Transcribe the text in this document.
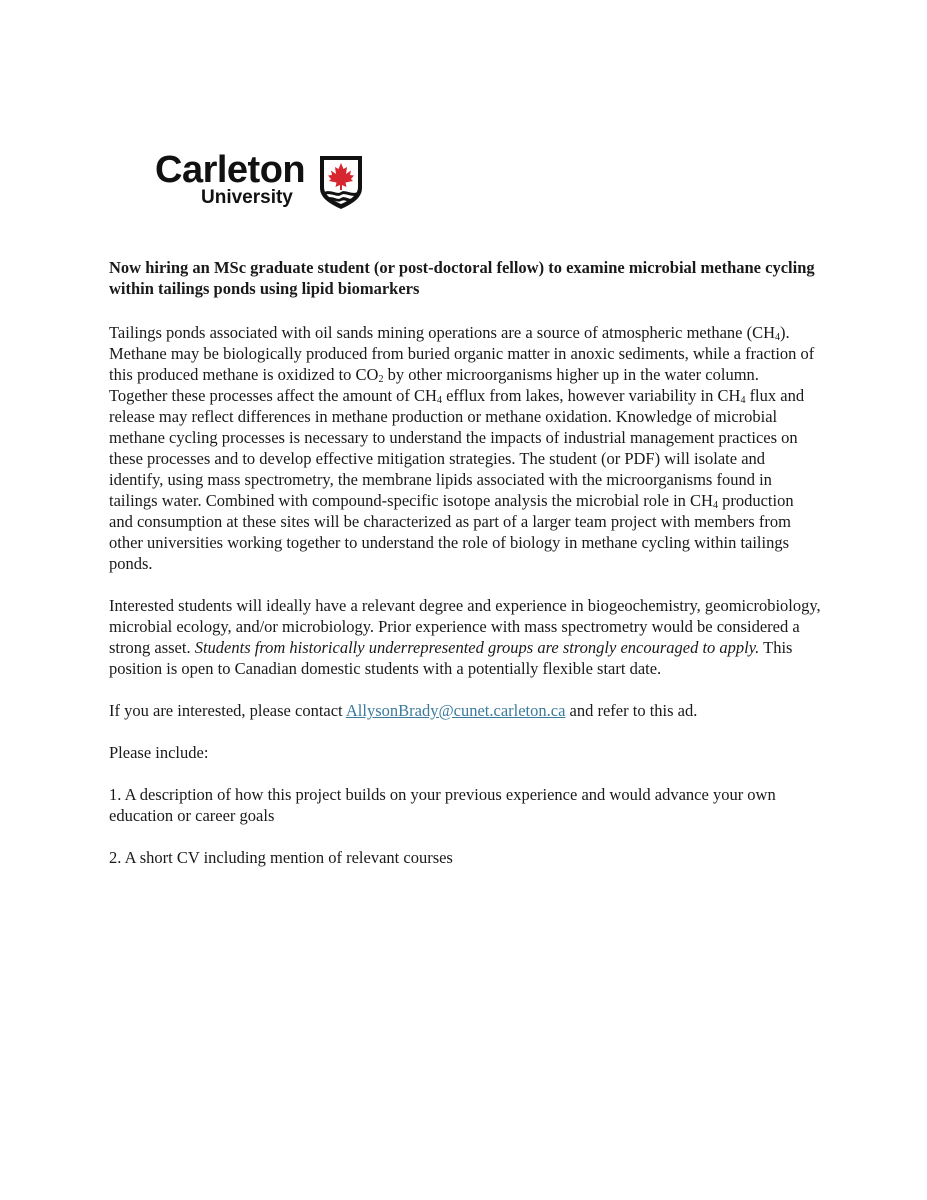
Carleton
University

Now hiring an MSc graduate student (or post-doctoral fellow) to examine microbial methane cycling within tailings ponds using lipid biomarkers

Tailings ponds associated with oil sands mining operations are a source of atmospheric methane $(CH_4)$. Methane may be biologically produced from buried organic matter in anoxic sediments, while a fraction of this produced methane is oxidized to $CO_2$ by other microorganisms higher up in the water column. Together these processes affect the amount of $CH_4$ efflux from lakes, however variability in $CH_4$ flux and release may reflect differences in methane production or methane oxidation. Knowledge of microbial methane cycling processes is necessary to understand the impacts of industrial management practices on these processes and to develop effective mitigation strategies. The student (or PDF) will isolate and identify, using mass spectrometry, the membrane lipids associated with the microorganisms found in tailings water. Combined with compound-specific isotope analysis the microbial role in $CH_4$ production and consumption at these sites will be characterized as part of a larger team project with members from other universities working together to understand the role of biology in methane cycling within tailings ponds.

Interested students will ideally have a relevant degree and experience in biogeochemistry, geomicrobiology, microbial ecology, and/or microbiology. Prior experience with mass spectrometry would be considered a strong asset. Students from historically underrepresented groups are strongly encouraged to apply. This position is open to Canadian domestic students with a potentially flexible start date.

If you are interested, please contact AllysonBrady@cunet.carleton.ca and refer to this ad.

Please include:

1. A description of how this project builds on your previous experience and would advance your own education or career goals

2. A short CV including mention of relevant courses
